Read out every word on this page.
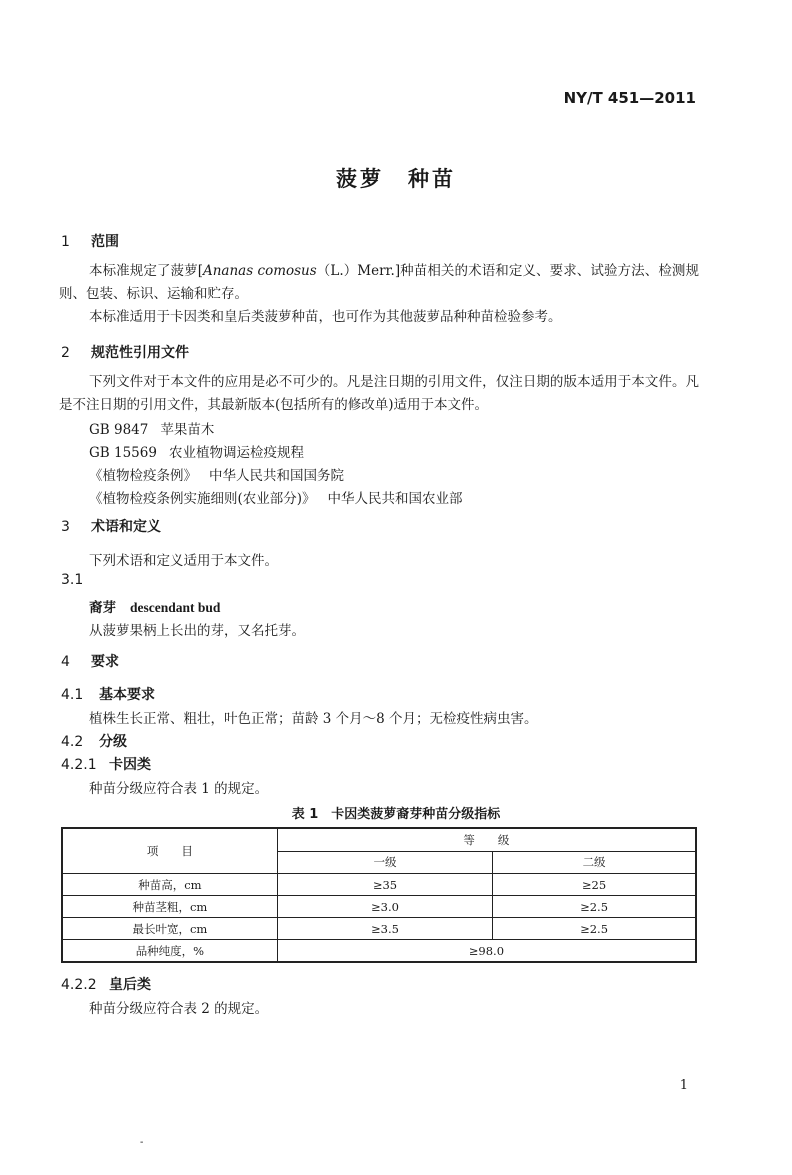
NY/T 451—2011
菠萝　种苗
1 范围
本标准规定了菠萝[Ananas comosus（L.）Merr.]种苗相关的术语和定义、要求、试验方法、检测规则、包装、标识、运输和贮存。
本标准适用于卡因类和皇后类菠萝种苗，也可作为其他菠萝品种种苗检验参考。
2 规范性引用文件
下列文件对于本文件的应用是必不可少的。凡是注日期的引用文件，仅注日期的版本适用于本文件。凡是不注日期的引用文件，其最新版本(包括所有的修改单)适用于本文件。
GB 9847 苹果苗木
GB 15569 农业植物调运检疫规程
《植物检疫条例》 中华人民共和国国务院
《植物检疫条例实施细则(农业部分)》 中华人民共和国农业部
3 术语和定义
下列术语和定义适用于本文件。
3.1
裔芽 descendant bud
从菠萝果柄上长出的芽，又名托芽。
4 要求
4.1 基本要求
植株生长正常、粗壮，叶色正常；苗龄 3 个月～8 个月；无检疫性病虫害。
4.2 分级
4.2.1 卡因类
种苗分级应符合表 1 的规定。
表 1　卡因类菠萝裔芽种苗分级指标
项　　目	等　　级	
	一级	二级
种苗高，cm	≥35	≥25
种苗茎粗，cm	≥3.0	≥2.5
最长叶宽，cm	≥3.5	≥2.5
品种纯度，%	≥98.0	
4.2.2 皇后类
种苗分级应符合表 2 的规定。
1
-
